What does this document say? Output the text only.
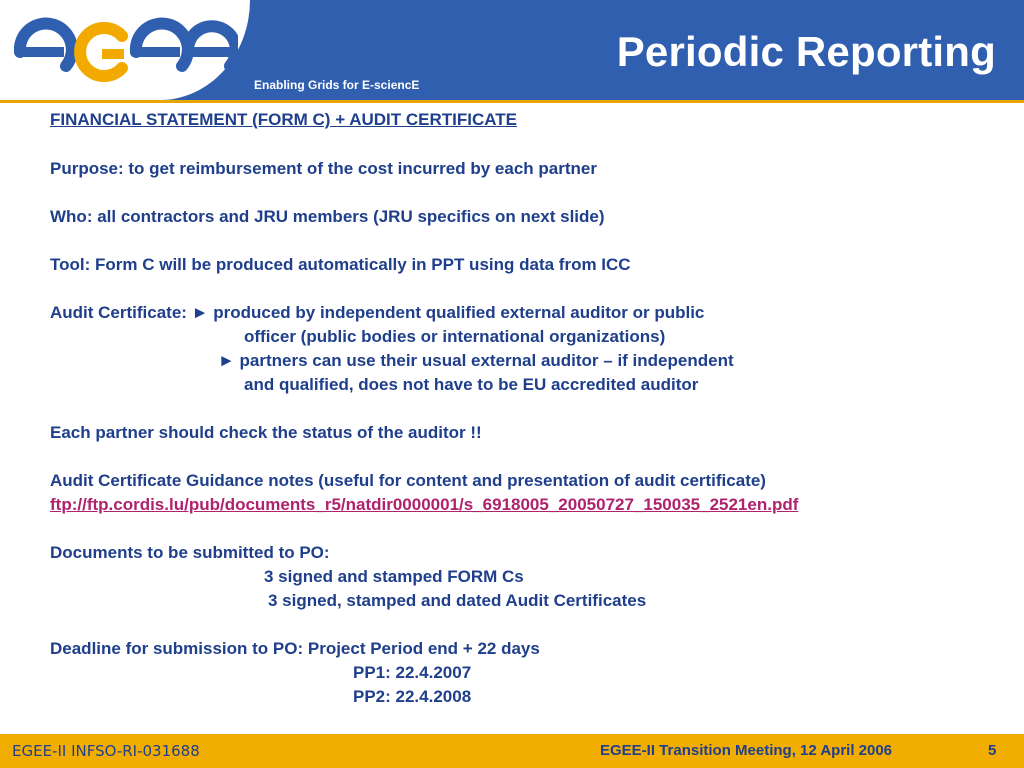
Enabling Grids for E-sciencE
Periodic Reporting
FINANCIAL STATEMENT (FORM C) + AUDIT CERTIFICATE
Purpose: to get reimbursement of the cost incurred by each partner
Who: all contractors and JRU members (JRU specifics on next slide)
Tool: Form C will be produced automatically in PPT using data from ICC
Audit Certificate: ► produced by independent qualified external auditor or public
officer (public bodies or international organizations)
► partners can use their usual external auditor – if independent
and qualified, does not have to be EU accredited auditor
Each partner should check the status of the auditor !!
Audit Certificate Guidance notes (useful for content and presentation of audit certificate)
ftp://ftp.cordis.lu/pub/documents_r5/natdir0000001/s_6918005_20050727_150035_2521en.pdf
Documents to be submitted to PO:
3 signed and stamped FORM Cs
3 signed, stamped and dated Audit Certificates
Deadline for submission to PO: Project Period end + 22 days
PP1: 22.4.2007
PP2: 22.4.2008
EGEE-II INFSO-RI-031688	EGEE-II Transition Meeting, 12 April 2006	5
